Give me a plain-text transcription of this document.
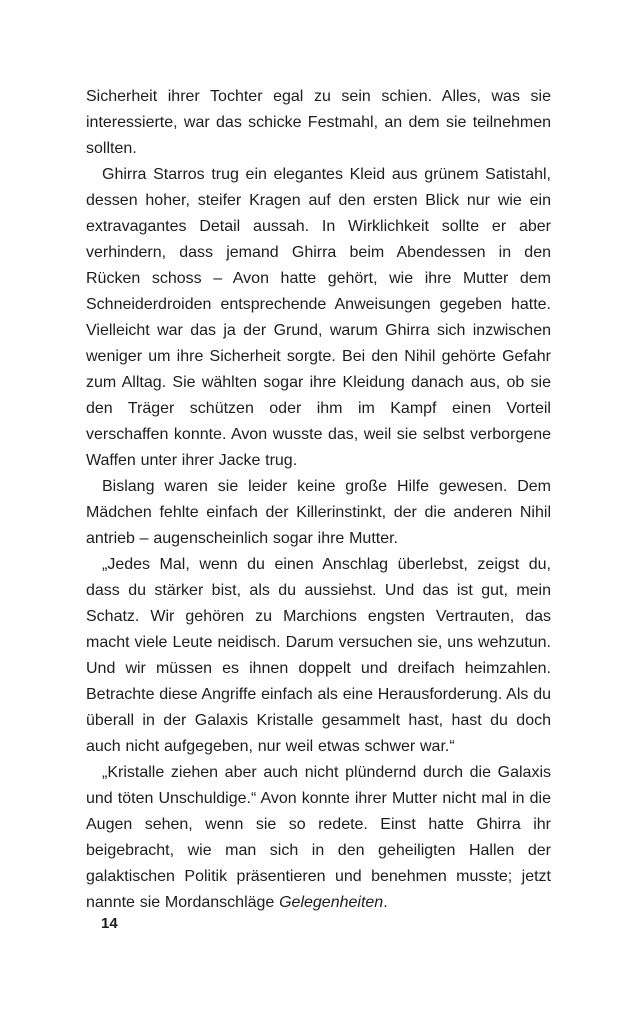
Sicherheit ihrer Tochter egal zu sein schien. Alles, was sie interessierte, war das schicke Festmahl, an dem sie teilnehmen sollten.

Ghirra Starros trug ein elegantes Kleid aus grünem Satistahl, dessen hoher, steifer Kragen auf den ersten Blick nur wie ein extravagantes Detail aussah. In Wirklichkeit sollte er aber verhindern, dass jemand Ghirra beim Abendessen in den Rücken schoss – Avon hatte gehört, wie ihre Mutter dem Schneiderdroiden entsprechende Anweisungen gegeben hatte. Vielleicht war das ja der Grund, warum Ghirra sich inzwischen weniger um ihre Sicherheit sorgte. Bei den Nihil gehörte Gefahr zum Alltag. Sie wählten sogar ihre Kleidung danach aus, ob sie den Träger schützen oder ihm im Kampf einen Vorteil verschaffen konnte. Avon wusste das, weil sie selbst verborgene Waffen unter ihrer Jacke trug.

Bislang waren sie leider keine große Hilfe gewesen. Dem Mädchen fehlte einfach der Killerinstinkt, der die anderen Nihil antrieb – augenscheinlich sogar ihre Mutter.

„Jedes Mal, wenn du einen Anschlag überlebst, zeigst du, dass du stärker bist, als du aussiehst. Und das ist gut, mein Schatz. Wir gehören zu Marchions engsten Vertrauten, das macht viele Leute neidisch. Darum versuchen sie, uns wehzutun. Und wir müssen es ihnen doppelt und dreifach heimzahlen. Betrachte diese Angriffe einfach als eine Herausforderung. Als du überall in der Galaxis Kristalle gesammelt hast, hast du doch auch nicht aufgegeben, nur weil etwas schwer war.“

„Kristalle ziehen aber auch nicht plündernd durch die Galaxis und töten Unschuldige.“ Avon konnte ihrer Mutter nicht mal in die Augen sehen, wenn sie so redete. Einst hatte Ghirra ihr beigebracht, wie man sich in den geheiligten Hallen der galaktischen Politik präsentieren und benehmen musste; jetzt nannte sie Mordanschläge Gelegenheiten.

14
